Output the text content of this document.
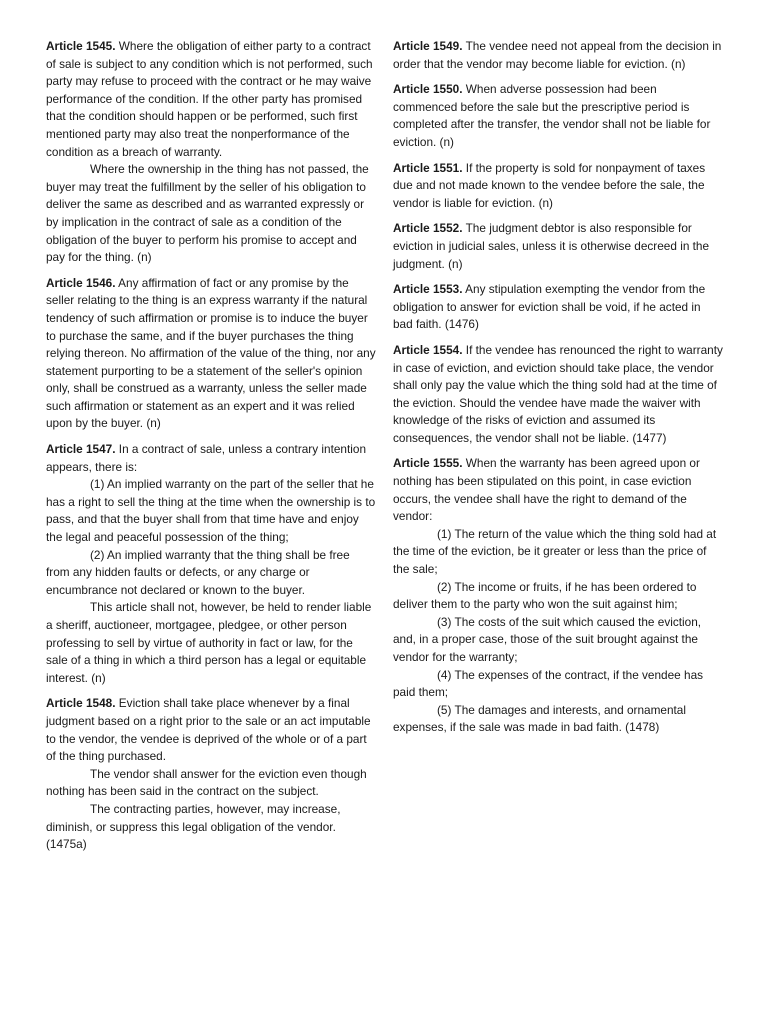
Article 1545. Where the obligation of either party to a contract of sale is subject to any condition which is not performed, such party may refuse to proceed with the contract or he may waive performance of the condition. If the other party has promised that the condition should happen or be performed, such first mentioned party may also treat the nonperformance of the condition as a breach of warranty.

Where the ownership in the thing has not passed, the buyer may treat the fulfillment by the seller of his obligation to deliver the same as described and as warranted expressly or by implication in the contract of sale as a condition of the obligation of the buyer to perform his promise to accept and pay for the thing. (n)

Article 1546. Any affirmation of fact or any promise by the seller relating to the thing is an express warranty if the natural tendency of such affirmation or promise is to induce the buyer to purchase the same, and if the buyer purchases the thing relying thereon. No affirmation of the value of the thing, nor any statement purporting to be a statement of the seller's opinion only, shall be construed as a warranty, unless the seller made such affirmation or statement as an expert and it was relied upon by the buyer. (n)

Article 1547. In a contract of sale, unless a contrary intention appears, there is:

(1) An implied warranty on the part of the seller that he has a right to sell the thing at the time when the ownership is to pass, and that the buyer shall from that time have and enjoy the legal and peaceful possession of the thing;

(2) An implied warranty that the thing shall be free from any hidden faults or defects, or any charge or encumbrance not declared or known to the buyer.

This article shall not, however, be held to render liable a sheriff, auctioneer, mortgagee, pledgee, or other person professing to sell by virtue of authority in fact or law, for the sale of a thing in which a third person has a legal or equitable interest. (n)

Article 1548. Eviction shall take place whenever by a final judgment based on a right prior to the sale or an act imputable to the vendor, the vendee is deprived of the whole or of a part of the thing purchased.

The vendor shall answer for the eviction even though nothing has been said in the contract on the subject.

The contracting parties, however, may increase, diminish, or suppress this legal obligation of the vendor. (1475a)

Article 1549. The vendee need not appeal from the decision in order that the vendor may become liable for eviction. (n)

Article 1550. When adverse possession had been commenced before the sale but the prescriptive period is completed after the transfer, the vendor shall not be liable for eviction. (n)

Article 1551. If the property is sold for nonpayment of taxes due and not made known to the vendee before the sale, the vendor is liable for eviction. (n)

Article 1552. The judgment debtor is also responsible for eviction in judicial sales, unless it is otherwise decreed in the judgment. (n)

Article 1553. Any stipulation exempting the vendor from the obligation to answer for eviction shall be void, if he acted in bad faith. (1476)

Article 1554. If the vendee has renounced the right to warranty in case of eviction, and eviction should take place, the vendor shall only pay the value which the thing sold had at the time of the eviction. Should the vendee have made the waiver with knowledge of the risks of eviction and assumed its consequences, the vendor shall not be liable. (1477)

Article 1555. When the warranty has been agreed upon or nothing has been stipulated on this point, in case eviction occurs, the vendee shall have the right to demand of the vendor:

(1) The return of the value which the thing sold had at the time of the eviction, be it greater or less than the price of the sale;

(2) The income or fruits, if he has been ordered to deliver them to the party who won the suit against him;

(3) The costs of the suit which caused the eviction, and, in a proper case, those of the suit brought against the vendor for the warranty;

(4) The expenses of the contract, if the vendee has paid them;

(5) The damages and interests, and ornamental expenses, if the sale was made in bad faith. (1478)
